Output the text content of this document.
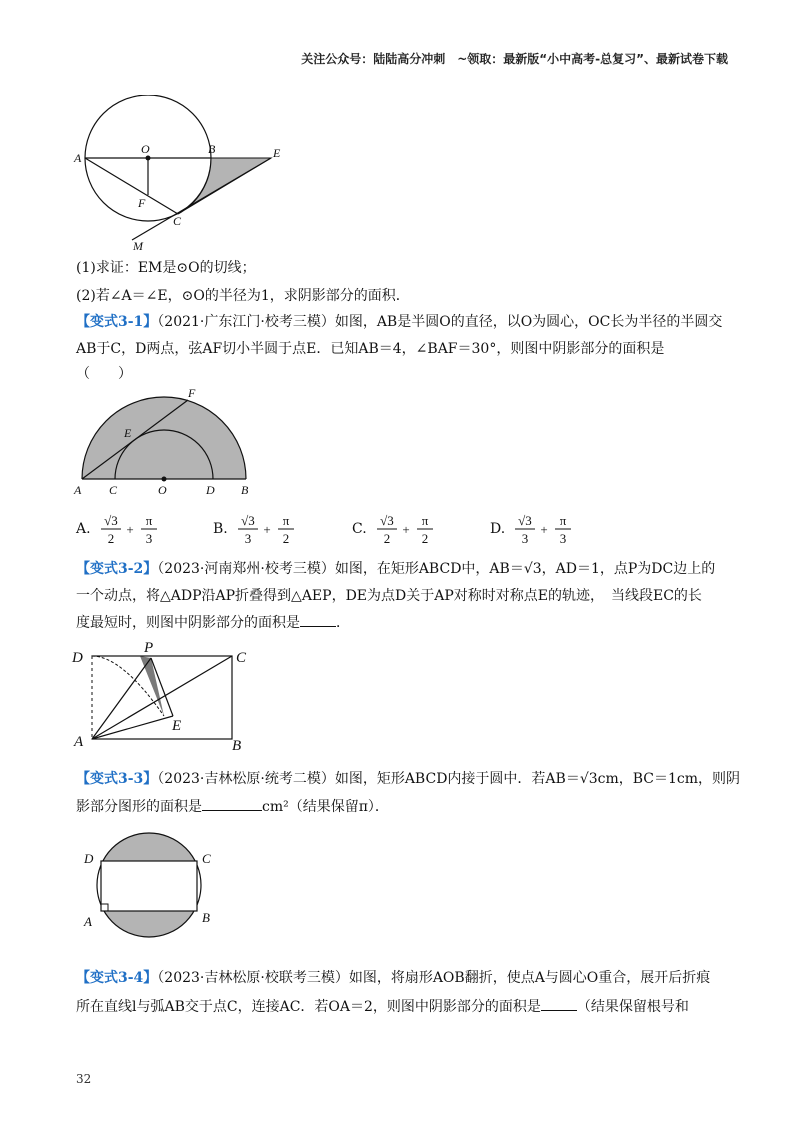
关注公众号：陆陆高分冲刺　~领取：最新版“小中高考-总复习”、最新试卷下载
A
O	B	E
F
C
M
(1)求证：EM是⊙O的切线；
(2)若∠A＝∠E，⊙O的半径为1，求阴影部分的面积．
【变式3-1】（2021·广东江门·校考三模）如图，AB是半圆O的直径，以O为圆心，OC长为半径的半圆交
AB于C，D两点，弦AF切小半圆于点E．已知AB＝4，∠BAF＝30°，则图中阴影部分的面积是
（　　）
F
E
A C	O	D B
A.
√3
2
+
π
3
B.
√3
3
+
π
2
C.
√3
2
+
π
2
D.
√3
3
+
π
3
【变式3-2】（2023·河南郑州·校考三模）如图，在矩形ABCD中，AB＝√3，AD＝1，点P为DC边上的
一个动点，将△ADP沿AP折叠得到△AEP，DE为点D关于AP对称时对称点E的轨迹，　当线段EC的长
度最短时，则图中阴影部分的面积是	．
D
P
C
E
A	B
【变式3-3】（2023·吉林松原·统考二模）如图，矩形ABCD内接于圆中．若AB＝√3cm，BC＝1cm，则阴
影部分图形的面积是	cm²（结果保留π）．
D	C
A	B
【变式3-4】（2023·吉林松原·校联考三模）如图，将扇形AOB翻折，使点A与圆心O重合，展开后折痕
所在直线l与弧AB交于点C，连接AC．若OA＝2，则图中阴影部分的面积是	（结果保留根号和
32
